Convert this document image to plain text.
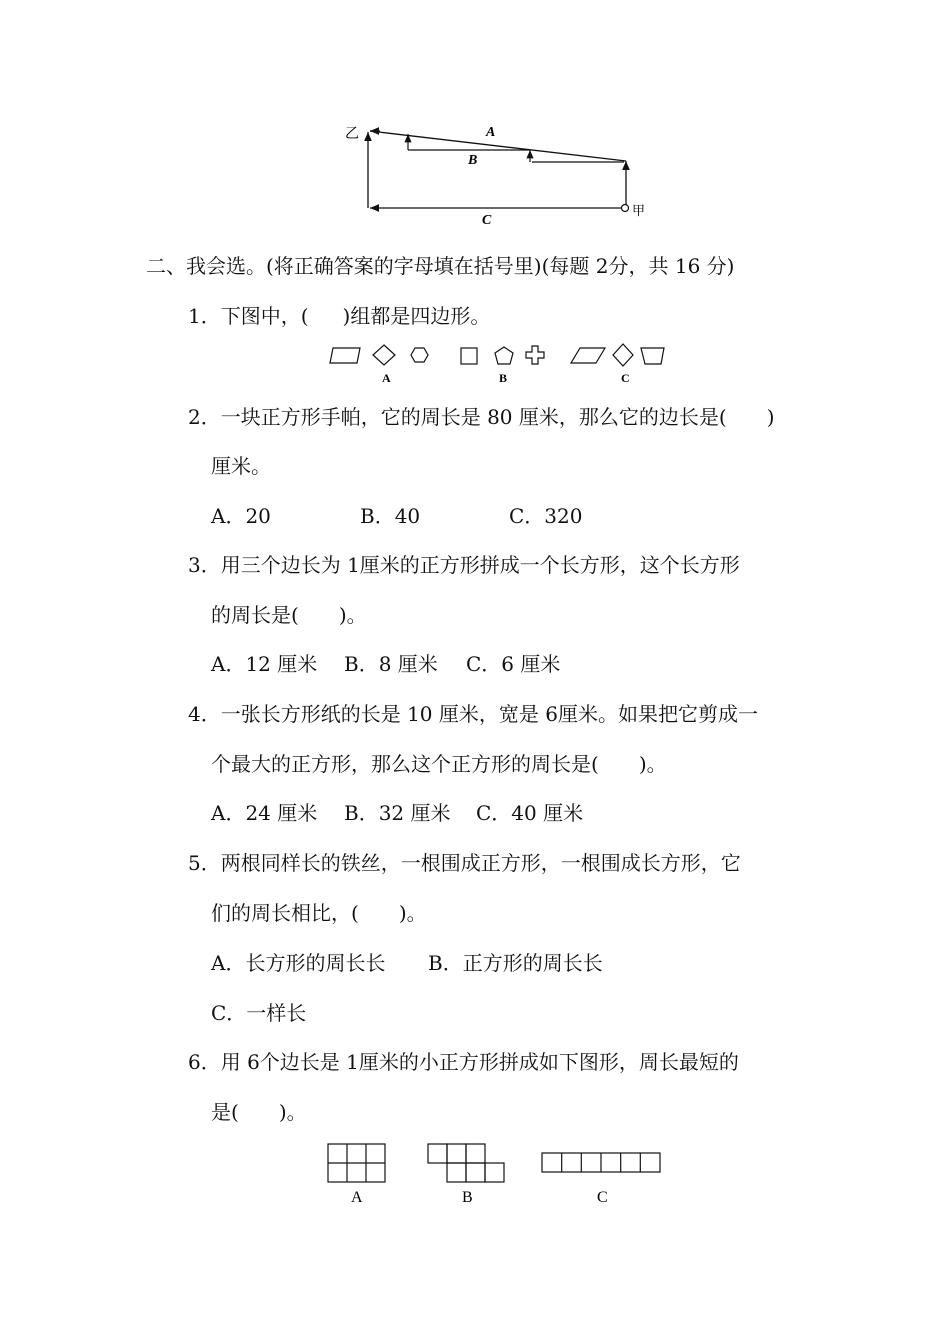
乙
甲
A
B
C
二、我会选。(将正确答案的字母填在括号里)(每题 2分，共 16 分)
1．下图中，( )组都是四边形。
A	B	C
2．一块正方形手帕，它的周长是 80 厘米，那么它的边长是( )
厘米。
A．20	B．40	C．320
3．用三个边长为 1厘米的正方形拼成一个长方形，这个长方形
的周长是( )。
A．12 厘米 B．8 厘米 C．6 厘米
4．一张长方形纸的长是 10 厘米，宽是 6厘米。如果把它剪成一
个最大的正方形，那么这个正方形的周长是( )。
A．24 厘米 B．32 厘米 C．40 厘米
5．两根同样长的铁丝，一根围成正方形，一根围成长方形，它
们的周长相比，( )。
A．长方形的周长长 B．正方形的周长长
C．一样长
6．用 6个边长是 1厘米的小正方形拼成如下图形，周长最短的
是( )。
A	B	C
